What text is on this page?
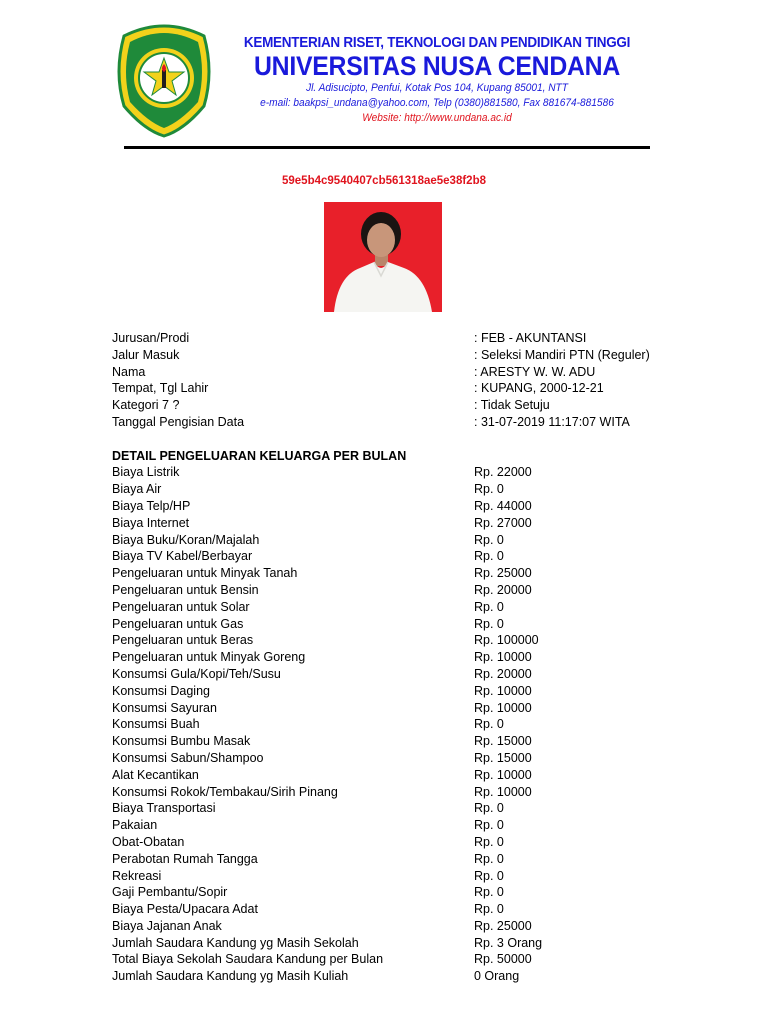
KEMENTERIAN RISET, TEKNOLOGI DAN PENDIDIKAN TINGGI
UNIVERSITAS NUSA CENDANA
Jl. Adisucipto, Penfui, Kotak Pos 104, Kupang 85001, NTT
e-mail: baakpsi_undana@yahoo.com, Telp (0380)881580, Fax 881674-881586
Website: http://www.undana.ac.id
59e5b4c9540407cb561318ae5e38f2b8
Jurusan/Prodi	: FEB - AKUNTANSI
Jalur Masuk	: Seleksi Mandiri PTN (Reguler)
Nama	: ARESTY W. W. ADU
Tempat, Tgl Lahir	: KUPANG, 2000-12-21
Kategori 7 ?	: Tidak Setuju
Tanggal Pengisian Data	: 31-07-2019 11:17:07 WITA
DETAIL PENGELUARAN KELUARGA PER BULAN
Biaya Listrik	Rp. 22000
Biaya Air	Rp. 0
Biaya Telp/HP	Rp. 44000
Biaya Internet	Rp. 27000
Biaya Buku/Koran/Majalah	Rp. 0
Biaya TV Kabel/Berbayar	Rp. 0
Pengeluaran untuk Minyak Tanah	Rp. 25000
Pengeluaran untuk Bensin	Rp. 20000
Pengeluaran untuk Solar	Rp. 0
Pengeluaran untuk Gas	Rp. 0
Pengeluaran untuk Beras	Rp. 100000
Pengeluaran untuk Minyak Goreng	Rp. 10000
Konsumsi Gula/Kopi/Teh/Susu	Rp. 20000
Konsumsi Daging	Rp. 10000
Konsumsi Sayuran	Rp. 10000
Konsumsi Buah	Rp. 0
Konsumsi Bumbu Masak	Rp. 15000
Konsumsi Sabun/Shampoo	Rp. 15000
Alat Kecantikan	Rp. 10000
Konsumsi Rokok/Tembakau/Sirih Pinang	Rp. 10000
Biaya Transportasi	Rp. 0
Pakaian	Rp. 0
Obat-Obatan	Rp. 0
Perabotan Rumah Tangga	Rp. 0
Rekreasi	Rp. 0
Gaji Pembantu/Sopir	Rp. 0
Biaya Pesta/Upacara Adat	Rp. 0
Biaya Jajanan Anak	Rp. 25000
Jumlah Saudara Kandung yg Masih Sekolah	Rp. 3 Orang
Total Biaya Sekolah Saudara Kandung per Bulan	Rp. 50000
Jumlah Saudara Kandung yg Masih Kuliah	0 Orang
